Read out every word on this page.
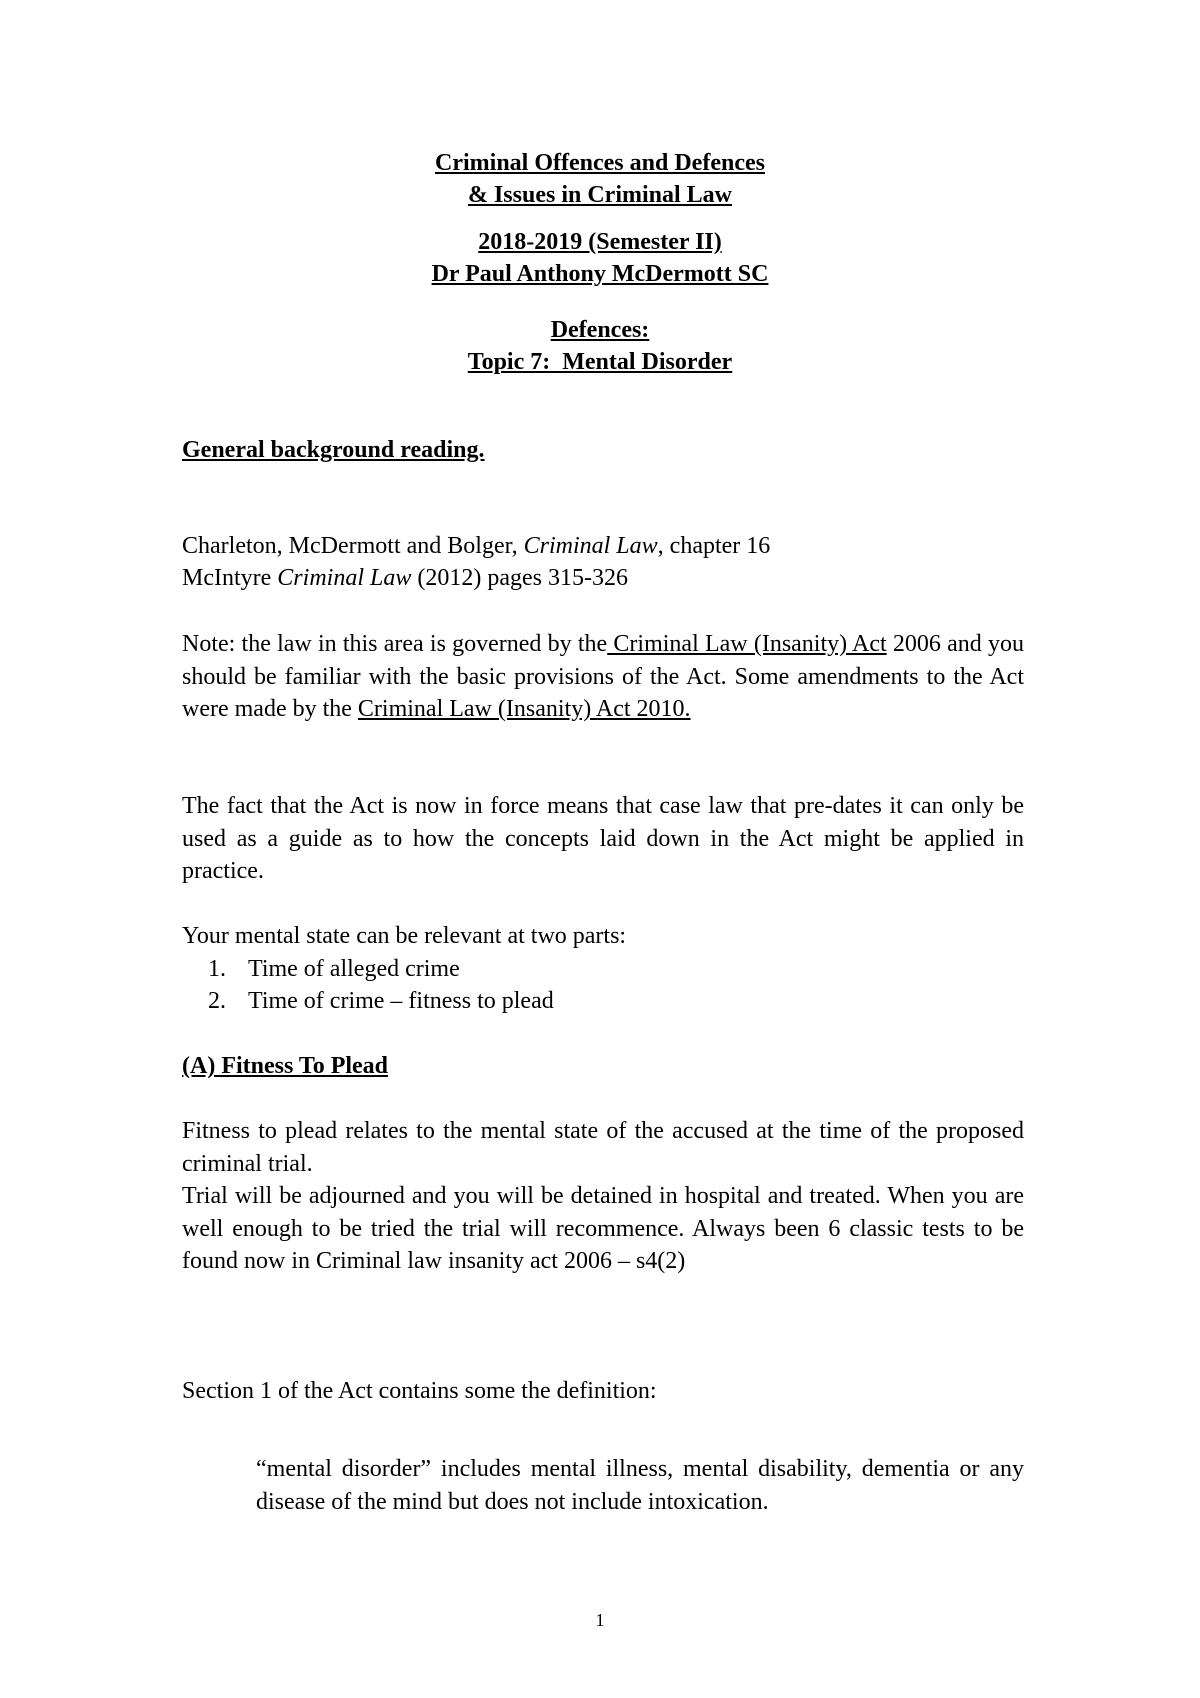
Criminal Offences and Defences
& Issues in Criminal Law
2018-2019 (Semester II)
Dr Paul Anthony McDermott SC
Defences:
Topic 7:  Mental Disorder
General background reading.
Charleton, McDermott and Bolger, Criminal Law, chapter 16
McIntyre Criminal Law (2012) pages 315-326
Note: the law in this area is governed by the Criminal Law (Insanity) Act 2006 and you should be familiar with the basic provisions of the Act. Some amendments to the Act were made by the Criminal Law (Insanity) Act 2010.
The fact that the Act is now in force means that case law that pre-dates it can only be used as a guide as to how the concepts laid down in the Act might be applied in practice.
Your mental state can be relevant at two parts:
1. Time of alleged crime
2. Time of crime – fitness to plead
(A) Fitness To Plead
Fitness to plead relates to the mental state of the accused at the time of the proposed criminal trial.
Trial will be adjourned and you will be detained in hospital and treated. When you are well enough to be tried the trial will recommence. Always been 6 classic tests to be found now in Criminal law insanity act 2006 – s4(2)
Section 1 of the Act contains some the definition:
“mental disorder” includes mental illness, mental disability, dementia or any disease of the mind but does not include intoxication.
1
